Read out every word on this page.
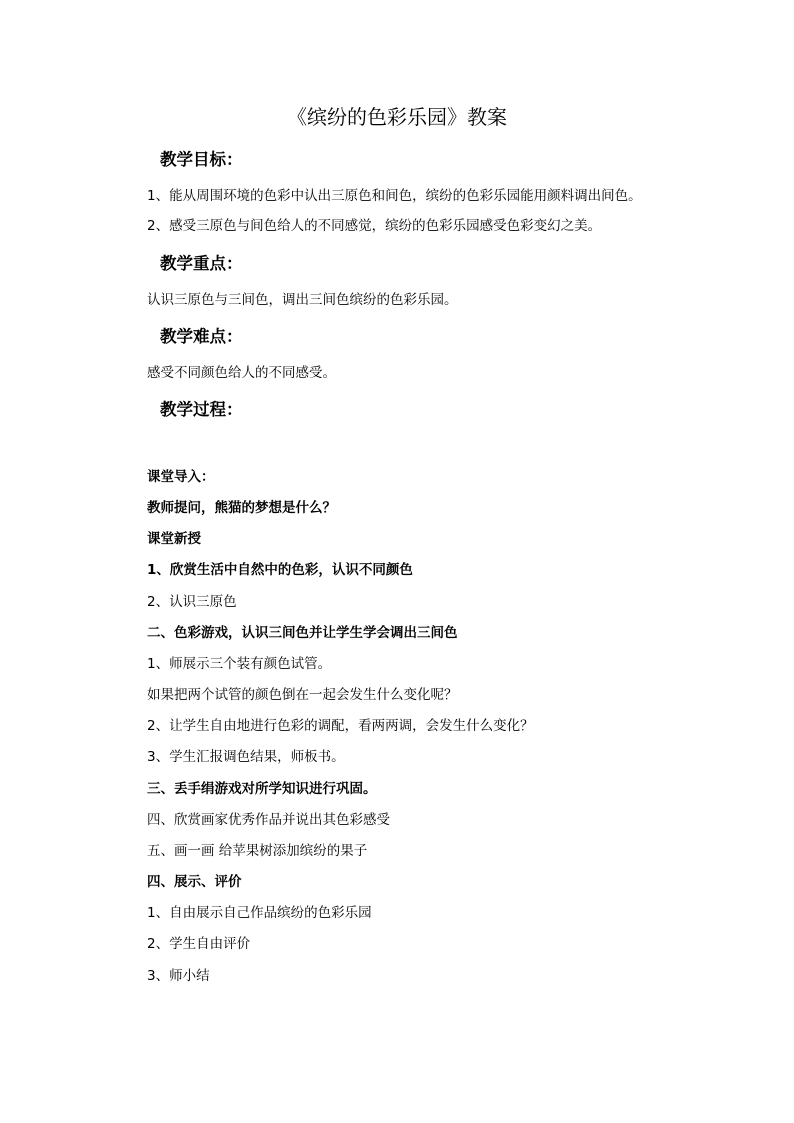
《缤纷的色彩乐园》教案
教学目标：
1、能从周围环境的色彩中认出三原色和间色，缤纷的色彩乐园能用颜料调出间色。
2、感受三原色与间色给人的不同感觉，缤纷的色彩乐园感受色彩变幻之美。
教学重点：
认识三原色与三间色，调出三间色缤纷的色彩乐园。
教学难点：
感受不同颜色给人的不同感受。
教学过程：
课堂导入：
教师提问，熊猫的梦想是什么？
课堂新授
1、欣赏生活中自然中的色彩，认识不同颜色
2、认识三原色
二、色彩游戏，认识三间色并让学生学会调出三间色
1、师展示三个装有颜色试管。
如果把两个试管的颜色倒在一起会发生什么变化呢？
2、让学生自由地进行色彩的调配，看两两调，会发生什么变化？
3、学生汇报调色结果，师板书。
三、丢手绢游戏对所学知识进行巩固。
四、欣赏画家优秀作品并说出其色彩感受
五、画一画 给苹果树添加缤纷的果子
四、展示、评价
1、自由展示自己作品缤纷的色彩乐园
2、学生自由评价
3、师小结
